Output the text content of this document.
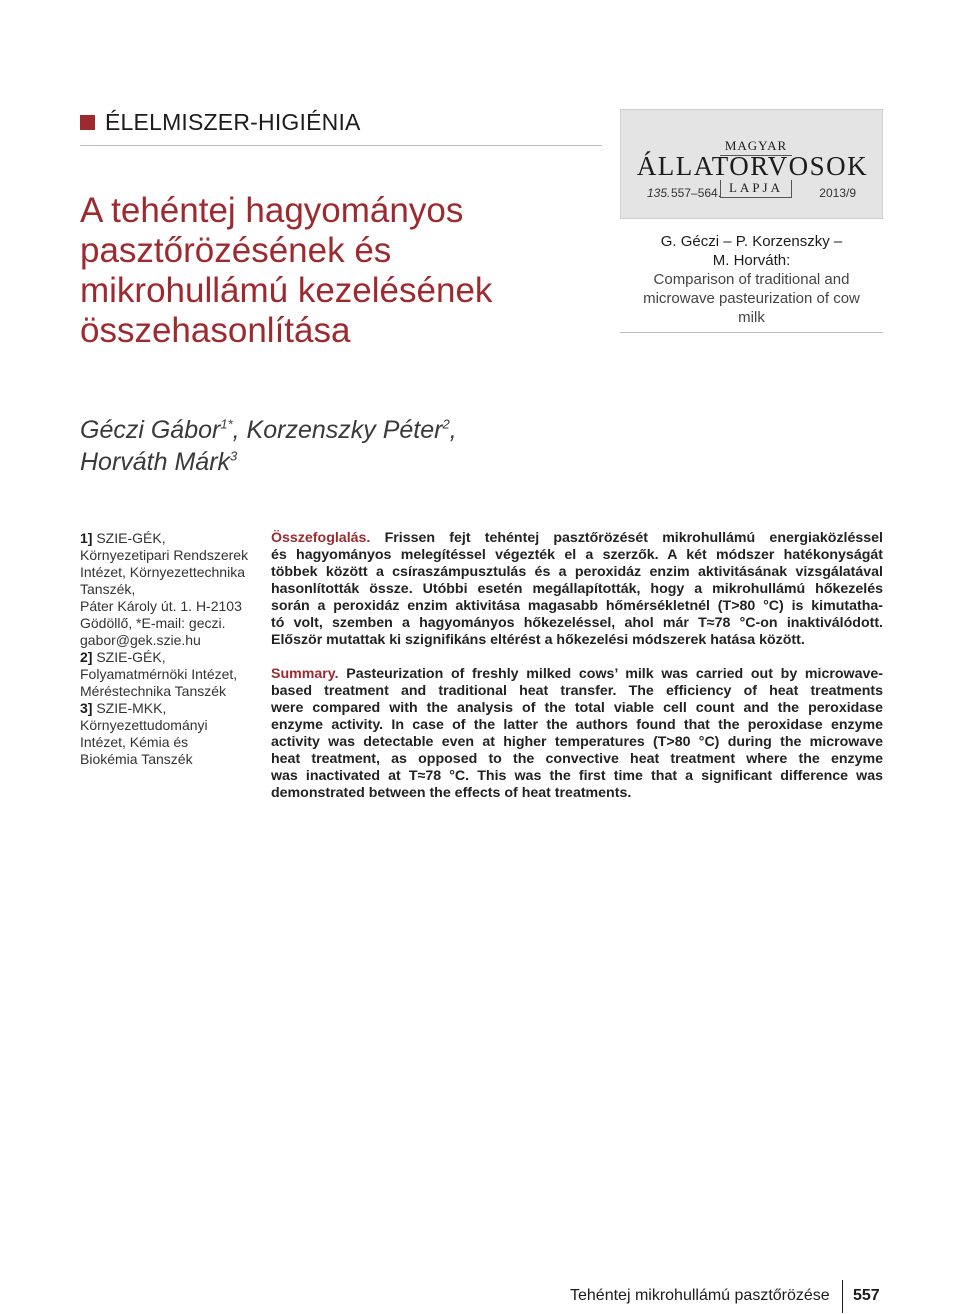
ÉLELMISZER-HIGIÉNIA
A tehéntej hagyományos
pasztőrözésének és
mikrohullámú kezelésének
összehasonlítása
MAGYAR
ÁLLATORVOSOK
LAPJA
135. 557–564.	2013/9

G. Géczi – P. Korzenszky –
M. Horváth:

Comparison of traditional and
microwave pasteurization of cow
milk

Géczi Gábor$^{1*}$, Korzenszky Péter$^2$,
Horváth Márk$^3$
1] SZIE-GÉK,
Környezetipari Rendszerek
Intézet, Környezettechnika
Tanszék,
Páter Károly út. 1. H-2103
Gödöllő, *E-mail: geczi.
gabor@gek.szie.hu
2] SZIE-GÉK,
Folyamatmérnöki Intézet,
Méréstechnika Tanszék
3] SZIE-MKK,
Környezettudományi
Intézet, Kémia és
Biokémia Tanszék
Összefoglalás. Frissen fejt tehéntej pasztőrözését mikrohullámú energiaközléssel
és hagyományos melegítéssel végezték el a szerzők. A két módszer hatékonyságát
többek között a csíraszámpusztulás és a peroxidáz enzim aktivitásának vizsgálatával
hasonlították össze. Utóbbi esetén megállapították, hogy a mikrohullámú hőkezelés
során a peroxidáz enzim aktivitása magasabb hőmérsékletnél (T>80 °C) is kimutatha-
tó volt, szemben a hagyományos hőkezeléssel, ahol már T≈78 °C-on inaktiválódott.
Először mutattak ki szignifikáns eltérést a hőkezelési módszerek hatása között.
Summary. Pasteurization of freshly milked cows’ milk was carried out by microwave-
based treatment and traditional heat transfer. The efficiency of heat treatments
were compared with the analysis of the total viable cell count and the peroxidase
enzyme activity. In case of the latter the authors found that the peroxidase enzyme
activity was detectable even at higher temperatures (T>80 °C) during the microwave
heat treatment, as opposed to the convective heat treatment where the enzyme
was inactivated at T≈78 °C. This was the first time that a significant difference was
demonstrated between the effects of heat treatments.
Tehéntej mikrohullámú pasztőrözése 557
